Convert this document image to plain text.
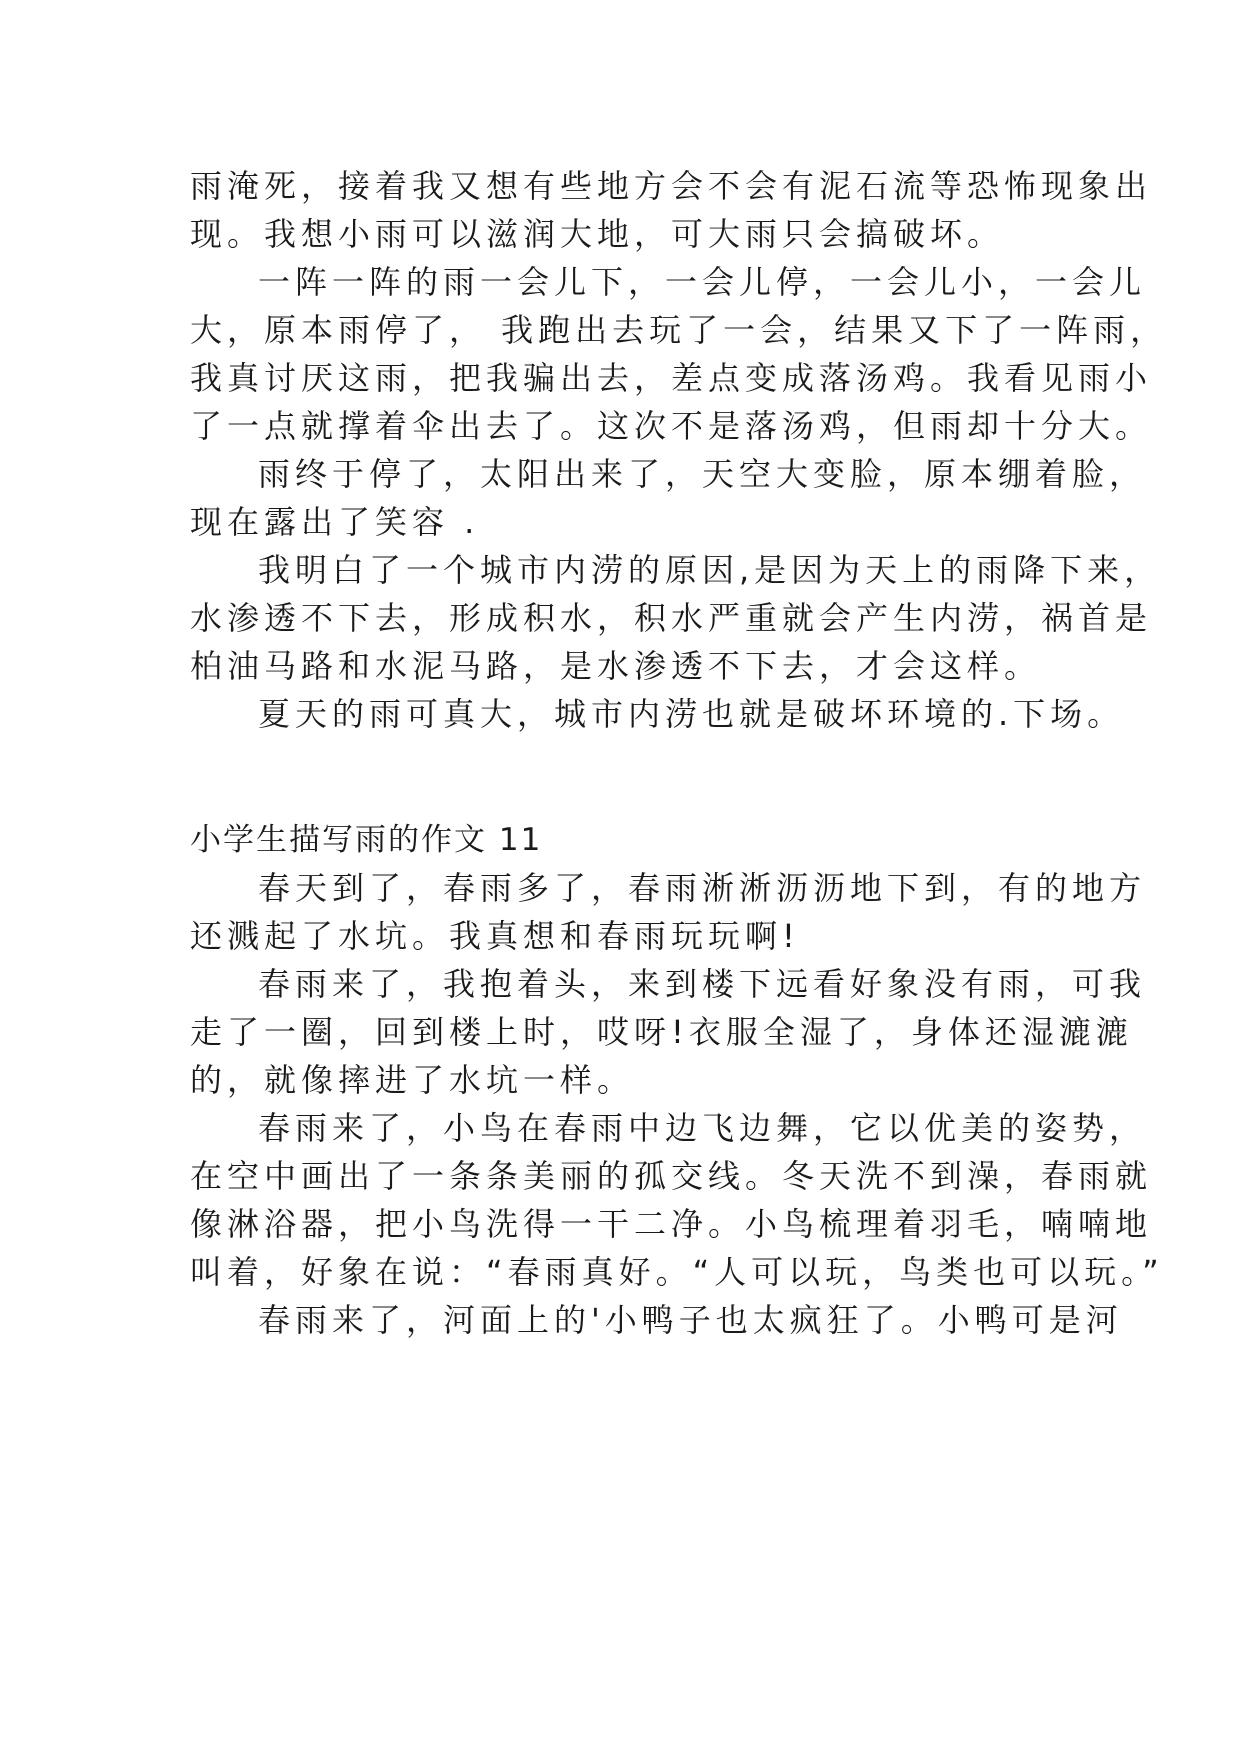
雨淹死，接着我又想有些地方会不会有泥石流等恐怖现象出

现。我想小雨可以滋润大地，可大雨只会搞破坏。

一阵一阵的雨一会儿下，一会儿停，一会儿小，一会儿

大，原本雨停了， 我跑出去玩了一会，结果又下了一阵雨，

我真讨厌这雨，把我骗出去，差点变成落汤鸡。我看见雨小

了一点就撑着伞出去了。这次不是落汤鸡，但雨却十分大。

雨终于停了，太阳出来了，天空大变脸，原本绷着脸，

现在露出了笑容 .

我明白了一个城市内涝的原因,是因为天上的雨降下来，

水渗透不下去，形成积水，积水严重就会产生内涝，祸首是

柏油马路和水泥马路，是水渗透不下去，才会这样。

夏天的雨可真大，城市内涝也就是破坏环境的.下场。

小学生描写雨的作文 11

春天到了，春雨多了，春雨淅淅沥沥地下到，有的地方

还溅起了水坑。我真想和春雨玩玩啊!

春雨来了，我抱着头，来到楼下远看好象没有雨，可我

走了一圈，回到楼上时，哎呀!衣服全湿了，身体还湿漉漉

的，就像摔进了水坑一样。

春雨来了，小鸟在春雨中边飞边舞，它以优美的姿势，

在空中画出了一条条美丽的孤交线。冬天洗不到澡，春雨就

像淋浴器，把小鸟洗得一干二净。小鸟梳理着羽毛，喃喃地

叫着，好象在说：“春雨真好。“人可以玩，鸟类也可以玩。”

春雨来了，河面上的'小鸭子也太疯狂了。小鸭可是河
